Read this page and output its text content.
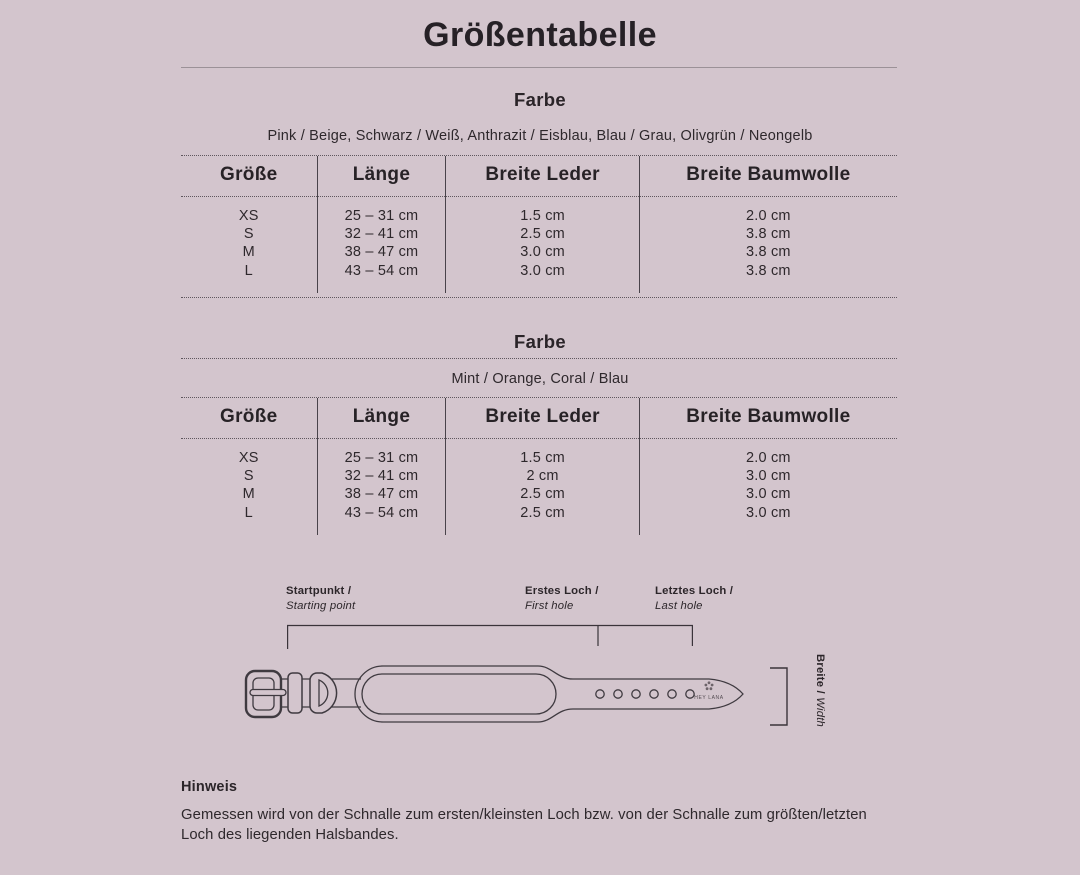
Größentabelle
Farbe

Pink / Beige, Schwarz / Weiß, Anthrazit / Eisblau, Blau / Grau, Olivgrün / Neongelb

Größe	Länge	Breite Leder	Breite Baumwolle
XS	25 – 31 cm	1.5 cm	2.0 cm
S	32 – 41 cm	2.5 cm	3.8 cm
M	38 – 47 cm	3.0 cm	3.8 cm
L	43 – 54 cm	3.0 cm	3.8 cm
Farbe

Mint / Orange, Coral / Blau

Größe	Länge	Breite Leder	Breite Baumwolle
XS	25 – 31 cm	1.5 cm	2.0 cm
S	32 – 41 cm	2 cm	3.0 cm
M	38 – 47 cm	2.5 cm	3.0 cm
L	43 – 54 cm	2.5 cm	3.0 cm
HEY LANA
Startpunkt /
Starting point
Erstes Loch /
First hole
Letztes Loch /
Last hole
Breite / Width
Hinweis

Gemessen wird von der Schnalle zum ersten/kleinsten Loch bzw. von der Schnalle zum größten/letzten Loch des liegenden Halsbandes.
